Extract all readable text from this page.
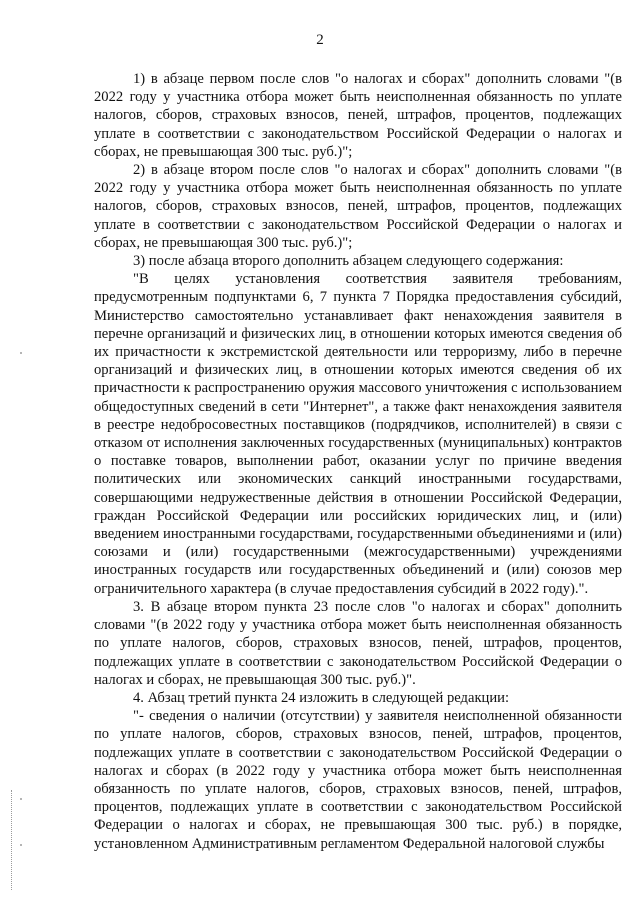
2

1) в абзаце первом после слов "о налогах и сборах" дополнить словами "(в 2022 году у участника отбора может быть неисполненная обязанность по уплате налогов, сборов, страховых взносов, пеней, штрафов, процентов, подлежащих уплате в соответствии с законодательством Российской Федерации о налогах и сборах, не превышающая 300 тыс. руб.)";

2) в абзаце втором после слов "о налогах и сборах" дополнить словами "(в 2022 году у участника отбора может быть неисполненная обязанность по уплате налогов, сборов, страховых взносов, пеней, штрафов, процентов, подлежащих уплате в соответствии с законодательством Российской Федерации о налогах и сборах, не превышающая 300 тыс. руб.)";

3) после абзаца второго дополнить абзацем следующего содержания:

"В целях установления соответствия заявителя требованиям, предусмотренным подпунктами 6, 7 пункта 7 Порядка предоставления субсидий, Министерство самостоятельно устанавливает факт ненахождения заявителя в перечне организаций и физических лиц, в отношении которых имеются сведения об их причастности к экстремистской деятельности или терроризму, либо в перечне организаций и физических лиц, в отношении которых имеются сведения об их причастности к распространению оружия массового уничтожения с использованием общедоступных сведений в сети "Интернет", а также факт ненахождения заявителя в реестре недобросовестных поставщиков (подрядчиков, исполнителей) в связи с отказом от исполнения заключенных государственных (муниципальных) контрактов о поставке товаров, выполнении работ, оказании услуг по причине введения политических или экономических санкций иностранными государствами, совершающими недружественные действия в отношении Российской Федерации, граждан Российской Федерации или российских юридических лиц, и (или) введением иностранными государствами, государственными объединениями и (или) союзами и (или) государственными (межгосударственными) учреждениями иностранных государств или государственных объединений и (или) союзов мер ограничительного характера (в случае предоставления субсидий в 2022 году).".

3. В абзаце втором пункта 23 после слов "о налогах и сборах" дополнить словами "(в 2022 году у участника отбора может быть неисполненная обязанность по уплате налогов, сборов, страховых взносов, пеней, штрафов, процентов, подлежащих уплате в соответствии с законодательством Российской Федерации о налогах и сборах, не превышающая 300 тыс. руб.)".

4. Абзац третий пункта 24 изложить в следующей редакции:

"- сведения о наличии (отсутствии) у заявителя неисполненной обязанности по уплате налогов, сборов, страховых взносов, пеней, штрафов, процентов, подлежащих уплате в соответствии с законодательством Российской Федерации о налогах и сборах (в 2022 году у участника отбора может быть неисполненная обязанность по уплате налогов, сборов, страховых взносов, пеней, штрафов, процентов, подлежащих уплате в соответствии с законодательством Российской Федерации о налогах и сборах, не превышающая 300 тыс. руб.) в порядке, установленном Административным регламентом Федеральной налоговой службы
